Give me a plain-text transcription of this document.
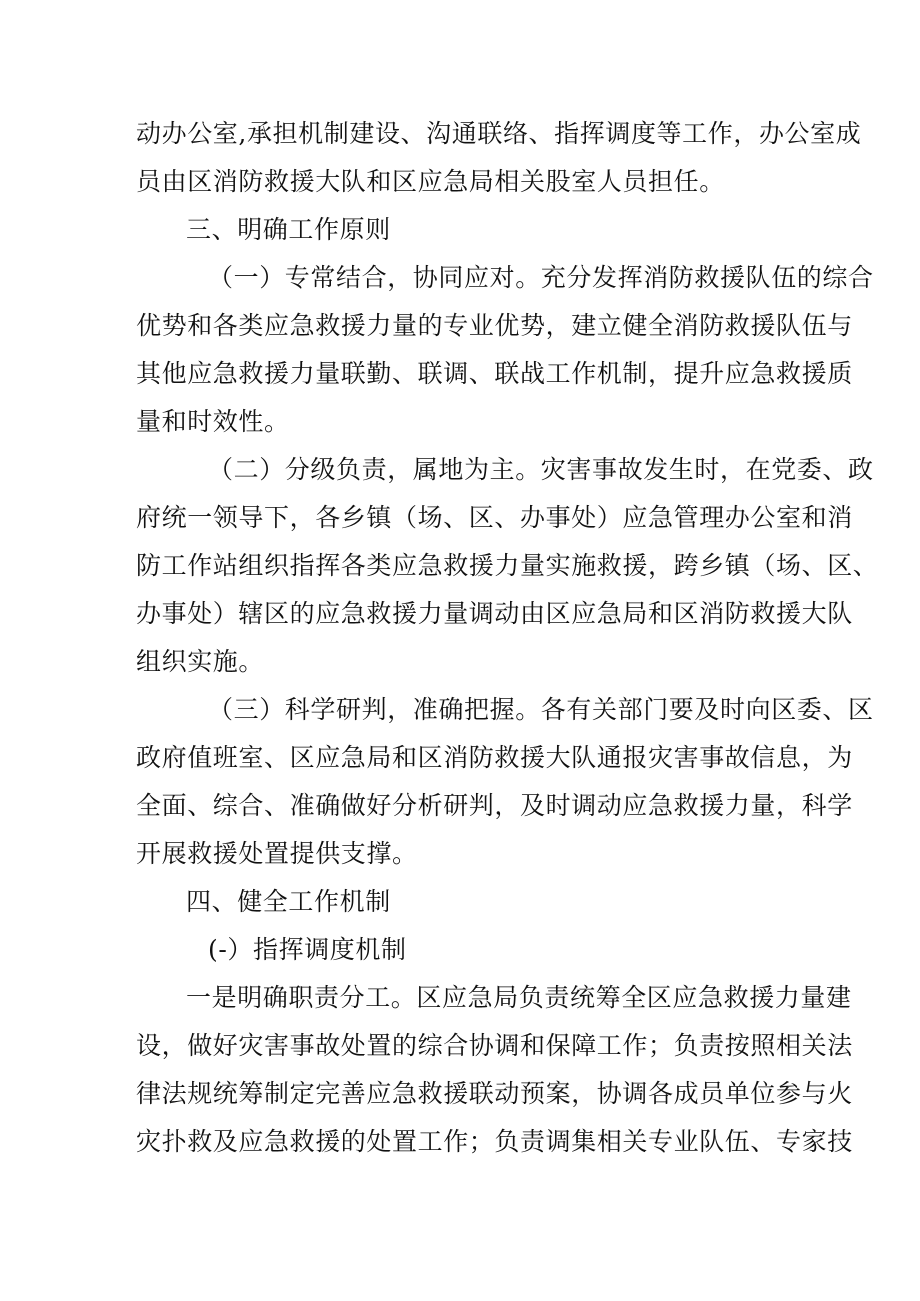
动办公室,承担机制建设、沟通联络、指挥调度等工作，办公室成
员由区消防救援大队和区应急局相关股室人员担任。
三、明确工作原则
（一）专常结合，协同应对。充分发挥消防救援队伍的综合
优势和各类应急救援力量的专业优势，建立健全消防救援队伍与
其他应急救援力量联勤、联调、联战工作机制，提升应急救援质
量和时效性。
（二）分级负责，属地为主。灾害事故发生时，在党委、政
府统一领导下，各乡镇（场、区、办事处）应急管理办公室和消
防工作站组织指挥各类应急救援力量实施救援，跨乡镇（场、区、
办事处）辖区的应急救援力量调动由区应急局和区消防救援大队
组织实施。
（三）科学研判，准确把握。各有关部门要及时向区委、区
政府值班室、区应急局和区消防救援大队通报灾害事故信息，为
全面、综合、准确做好分析研判，及时调动应急救援力量，科学
开展救援处置提供支撑。
四、健全工作机制
(-）指挥调度机制
一是明确职责分工。区应急局负责统筹全区应急救援力量建
设，做好灾害事故处置的综合协调和保障工作；负责按照相关法
律法规统筹制定完善应急救援联动预案，协调各成员单位参与火
灾扑救及应急救援的处置工作；负责调集相关专业队伍、专家技
